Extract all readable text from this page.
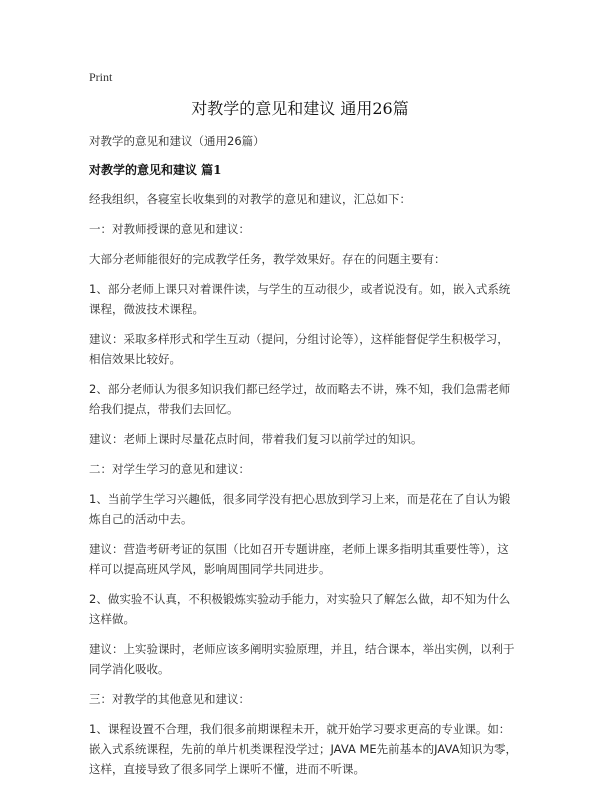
Print
对教学的意见和建议 通用26篇

对教学的意见和建议（通用26篇）

对教学的意见和建议 篇1

经我组织，各寝室长收集到的对教学的意见和建议，汇总如下：

一：对教师授课的意见和建议：

大部分老师能很好的完成教学任务，教学效果好。存在的问题主要有：

1、部分老师上课只对着课件读，与学生的互动很少，或者说没有。如，嵌入式系统课程，微波技术课程。

建议：采取多样形式和学生互动（提问，分组讨论等），这样能督促学生积极学习，相信效果比较好。

2、部分老师认为很多知识我们都已经学过，故而略去不讲，殊不知，我们急需老师给我们提点，带我们去回忆。

建议：老师上课时尽量花点时间，带着我们复习以前学过的知识。

二：对学生学习的意见和建议：

1、当前学生学习兴趣低，很多同学没有把心思放到学习上来，而是花在了自认为锻炼自己的活动中去。

建议：营造考研考证的氛围（比如召开专题讲座，老师上课多指明其重要性等），这样可以提高班风学风，影响周围同学共同进步。

2、做实验不认真，不积极锻炼实验动手能力，对实验只了解怎么做，却不知为什么这样做。

建议：上实验课时，老师应该多阐明实验原理，并且，结合课本，举出实例，以利于同学消化吸收。

三：对教学的其他意见和建议：

1、课程设置不合理，我们很多前期课程未开，就开始学习要求更高的专业课。如：嵌入式系统课程，先前的单片机类课程没学过；JAVA ME先前基本的JAVA知识为零，这样，直接导致了很多同学上课听不懂，进而不听课。
